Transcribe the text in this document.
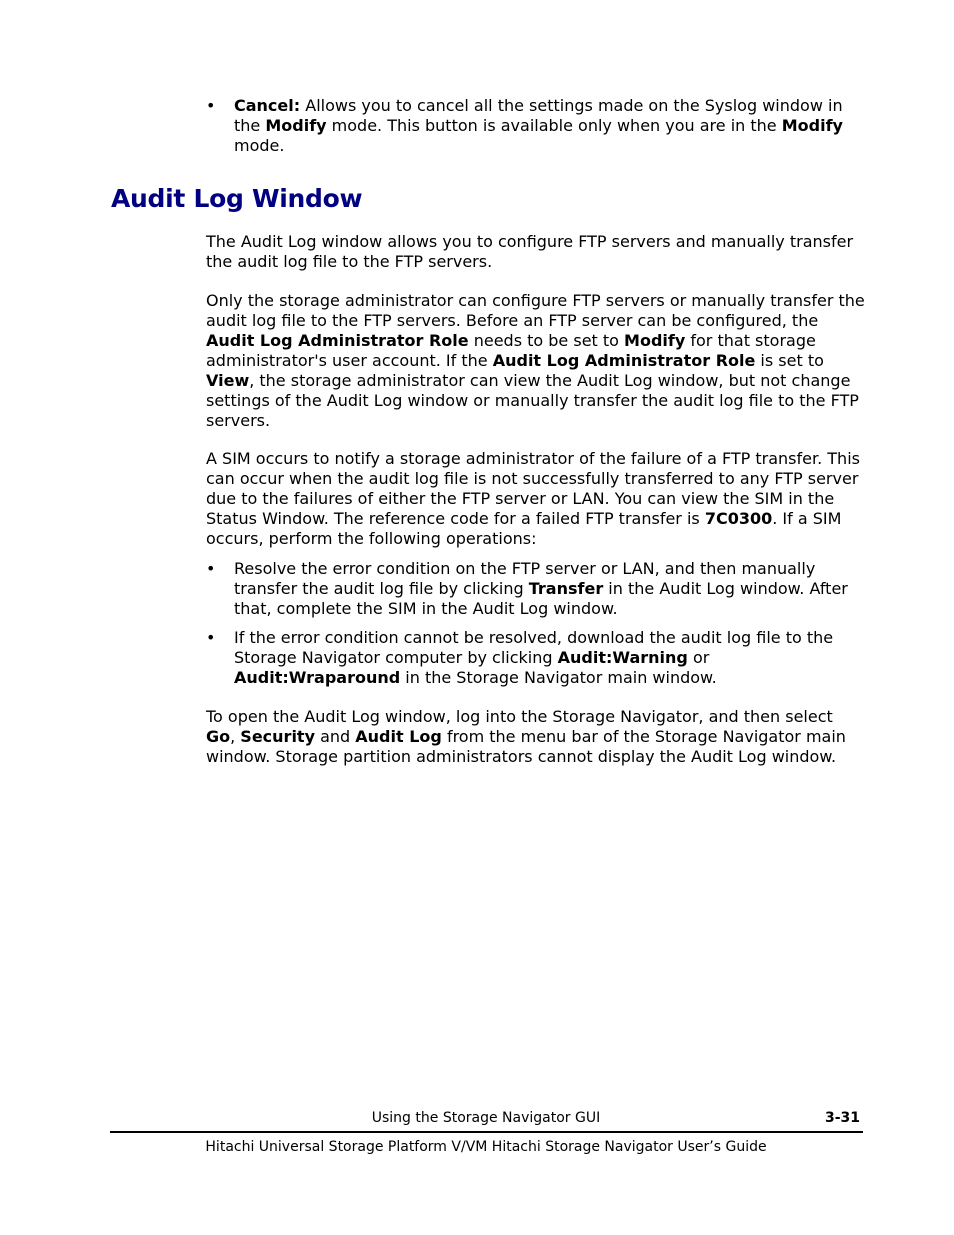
•	Cancel: Allows you to cancel all the settings made on the Syslog window in the Modify mode. This button is available only when you are in the Modify mode.
Audit Log Window

The Audit Log window allows you to configure FTP servers and manually transfer the audit log file to the FTP servers.

Only the storage administrator can configure FTP servers or manually transfer the audit log file to the FTP servers. Before an FTP server can be configured, the Audit Log Administrator Role needs to be set to Modify for that storage administrator's user account. If the Audit Log Administrator Role is set to View, the storage administrator can view the Audit Log window, but not change settings of the Audit Log window or manually transfer the audit log file to the FTP servers.

A SIM occurs to notify a storage administrator of the failure of a FTP transfer. This can occur when the audit log file is not successfully transferred to any FTP server due to the failures of either the FTP server or LAN. You can view the SIM in the Status Window. The reference code for a failed FTP transfer is 7C0300. If a SIM occurs, perform the following operations:

•	Resolve the error condition on the FTP server or LAN, and then manually transfer the audit log file by clicking Transfer in the Audit Log window. After that, complete the SIM in the Audit Log window.
•	If the error condition cannot be resolved, download the audit log file to the Storage Navigator computer by clicking Audit:Warning or Audit:Wraparound in the Storage Navigator main window.

To open the Audit Log window, log into the Storage Navigator, and then select Go, Security and Audit Log from the menu bar of the Storage Navigator main window. Storage partition administrators cannot display the Audit Log window.

Using the Storage Navigator GUI	3-31
Hitachi Universal Storage Platform V/VM Hitachi Storage Navigator User’s Guide
